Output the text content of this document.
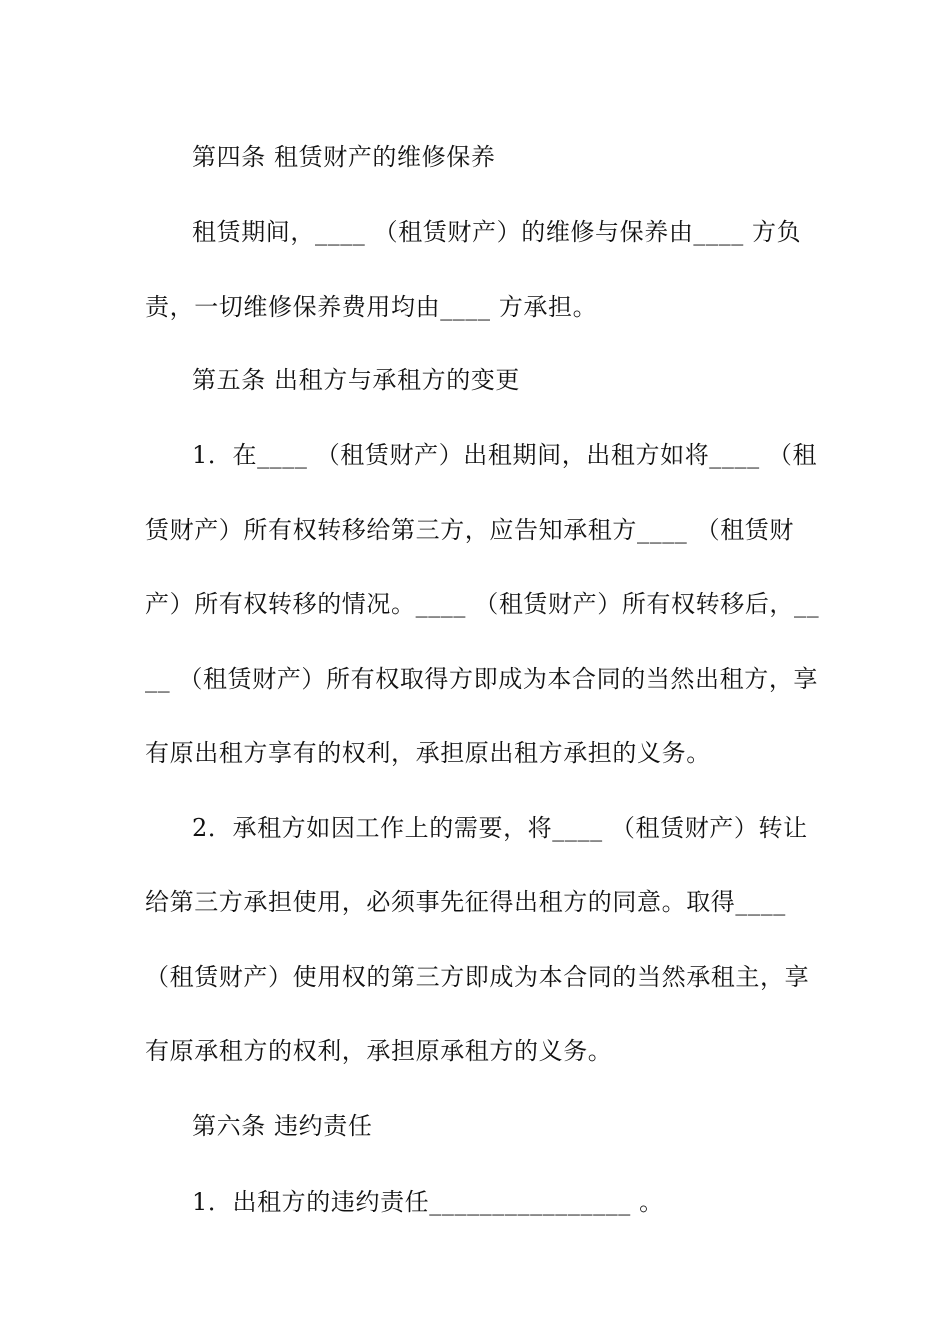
第四条 租赁财产的维修保养
租赁期间，____ （租赁财产）的维修与保养由____ 方负
责，一切维修保养费用均由____ 方承担。
第五条 出租方与承租方的变更
1．在____ （租赁财产）出租期间，出租方如将____ （租
赁财产）所有权转移给第三方，应告知承租方____ （租赁财
产）所有权转移的情况。____ （租赁财产）所有权转移后，__
__ （租赁财产）所有权取得方即成为本合同的当然出租方，享
有原出租方享有的权利，承担原出租方承担的义务。
2．承租方如因工作上的需要，将____ （租赁财产）转让
给第三方承担使用，必须事先征得出租方的同意。取得____
（租赁财产）使用权的第三方即成为本合同的当然承租主，享
有原承租方的权利，承担原承租方的义务。
第六条 违约责任
1．出租方的违约责任________________ 。
